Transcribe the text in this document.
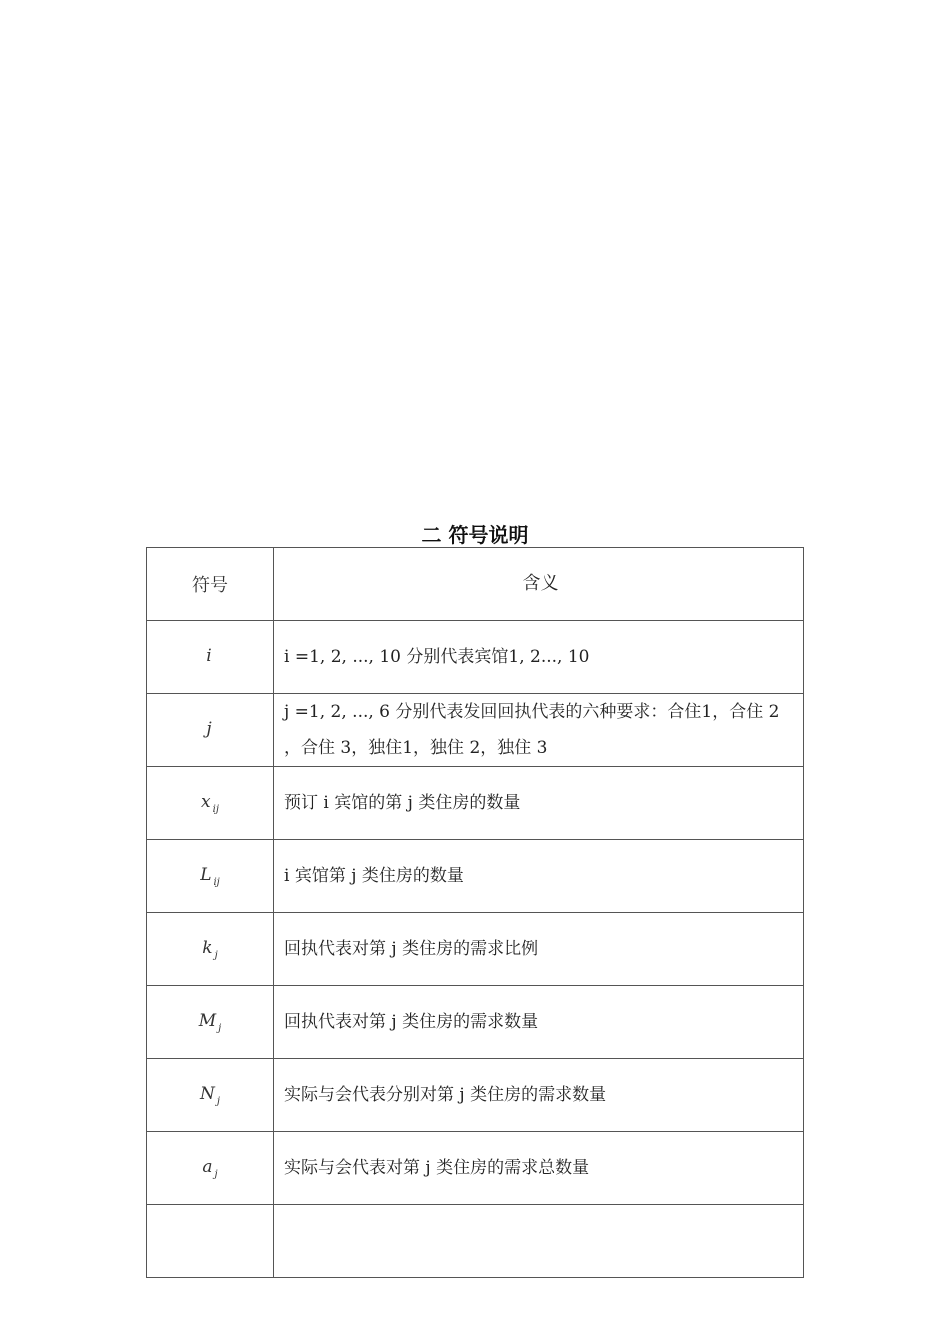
二 符号说明
符号	含义
i	i =1, 2, ..., 10 分别代表宾馆1, 2..., 10
j	j =1, 2, ..., 6 分别代表发回回执代表的六种要求：合住1，合住 2 ，合住 3，独住1，独住 2，独住 3
x $_{ij}$	预订 i 宾馆的第 j 类住房的数量
L $_{ij}$	i 宾馆第 j 类住房的数量
k $_j$	回执代表对第 j 类住房的需求比例
M $_j$	回执代表对第 j 类住房的需求数量
N $_j$	实际与会代表分别对第 j 类住房的需求数量
a $_j$	实际与会代表对第 j 类住房的需求总数量
